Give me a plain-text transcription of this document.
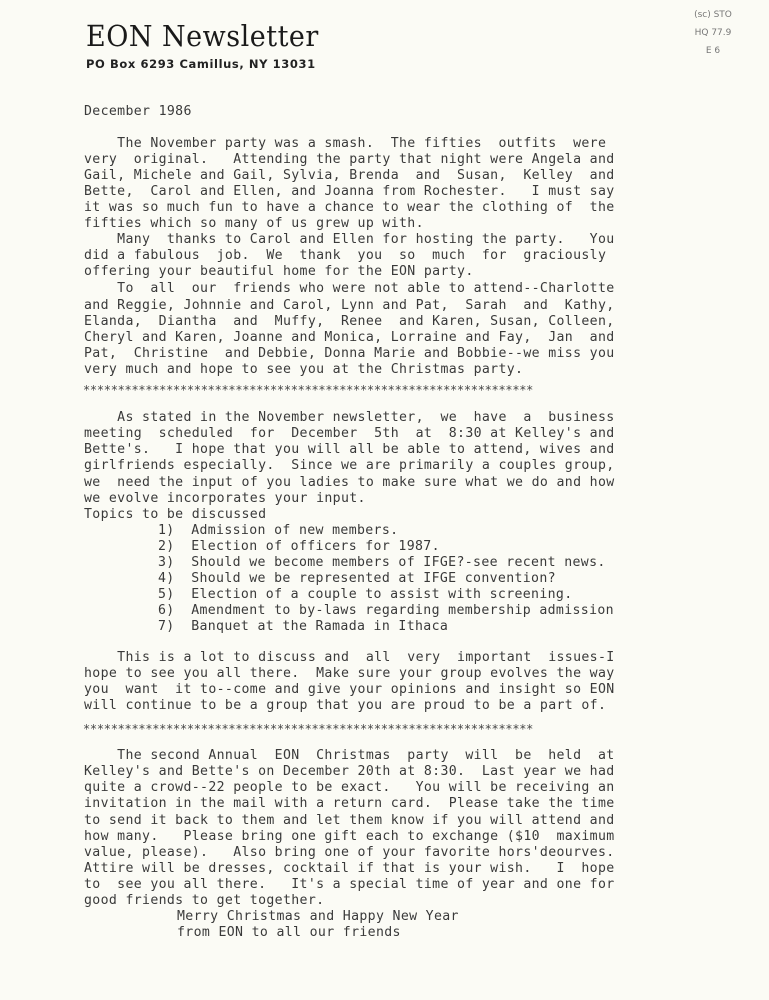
EON Newsletter
PO Box 6293 Camillus, NY 13031
(sc) STO
HQ 77.9
E 6
December 1986
The November party was a smash.  The fifties  outfits  were
very  original.   Attending the party that night were Angela and
Gail, Michele and Gail, Sylvia, Brenda  and  Susan,  Kelley  and
Bette,  Carol and Ellen, and Joanna from Rochester.   I must say
it was so much fun to have a chance to wear the clothing of  the
fifties which so many of us grew up with.
Many  thanks to Carol and Ellen for hosting the party.   You
did a fabulous  job.  We  thank  you  so  much  for  graciously
offering your beautiful home for the EON party.
To  all  our  friends who were not able to attend--Charlotte
and Reggie, Johnnie and Carol, Lynn and Pat,  Sarah  and  Kathy,
Elanda,  Diantha  and  Muffy,  Renee  and Karen, Susan, Colleen,
Cheryl and Karen, Joanne and Monica, Lorraine and Fay,  Jan  and
Pat,  Christine  and Debbie, Donna Marie and Bobbie--we miss you
very much and hope to see you at the Christmas party.
*****************************************************************
As stated in the November newsletter,  we  have  a  business
meeting  scheduled  for  December  5th  at  8:30 at Kelley's and
Bette's.   I hope that you will all be able to attend, wives and
girlfriends especially.  Since we are primarily a couples group,
we  need the input of you ladies to make sure what we do and how
we evolve incorporates your input.
Topics to be discussed
1) Admission of new members.
2) Election of officers for 1987.
3) Should we become members of IFGE?-see recent news.
4) Should we be represented at IFGE convention?
5) Election of a couple to assist with screening.
6) Amendment to by-laws regarding membership admission
7) Banquet at the Ramada in Ithaca
This is a lot to discuss and  all  very  important  issues-I
hope to see you all there.  Make sure your group evolves the way
you  want  it to--come and give your opinions and insight so EON
will continue to be a group that you are proud to be a part of.
*****************************************************************
The second Annual  EON  Christmas  party  will  be  held  at
Kelley's and Bette's on December 20th at 8:30.  Last year we had
quite a crowd--22 people to be exact.   You will be receiving an
invitation in the mail with a return card.  Please take the time
to send it back to them and let them know if you will attend and
how many.   Please bring one gift each to exchange ($10  maximum
value, please).   Also bring one of your favorite hors'deourves.
Attire will be dresses, cocktail if that is your wish.   I  hope
to  see you all there.   It's a special time of year and one for
good friends to get together.
Merry Christmas and Happy New Year
from EON to all our friends
